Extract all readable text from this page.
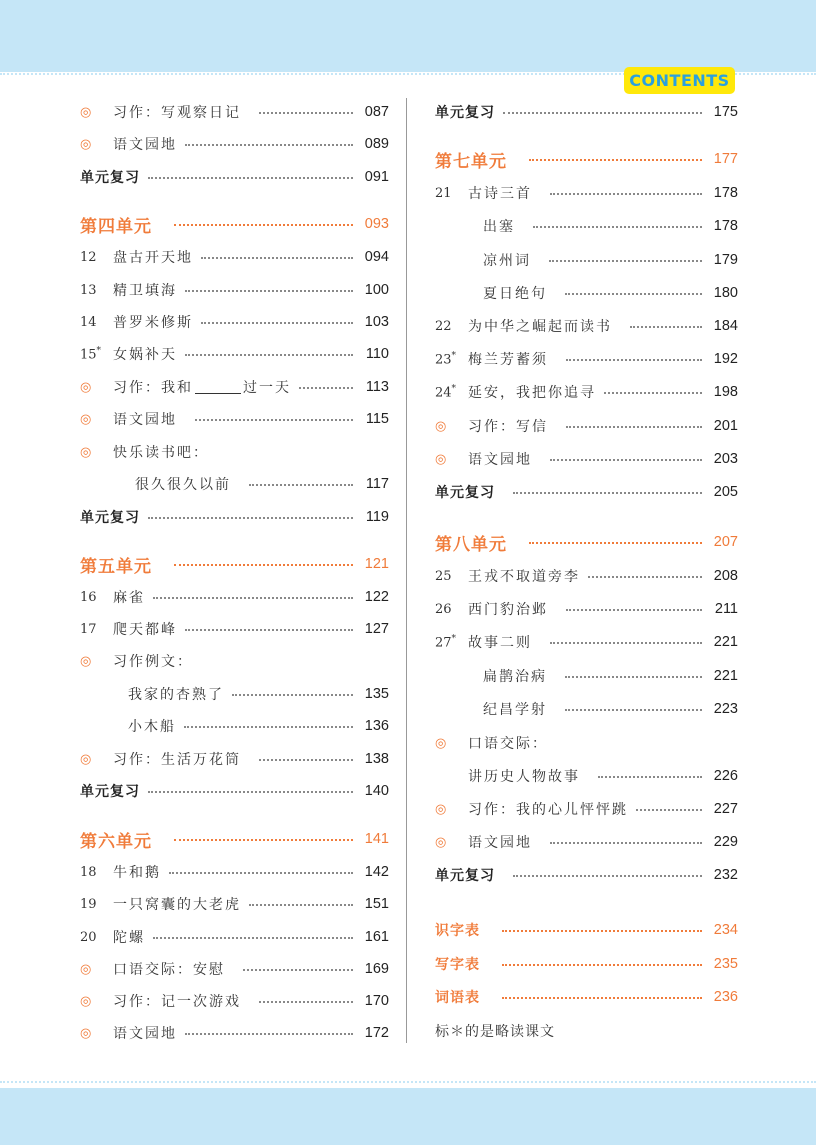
CONTENTS
◎	习作：写观察日记	087
◎	语文园地	089
单元复习	091
第四单元	093
12	盘古开天地	094
13	精卫填海	100
14	普罗米修斯	103
15* 女娲补天	110
◎	习作：我和	过一天	113
◎	语文园地	115
◎	快乐读书吧：
很久很久以前	117
单元复习	119
第五单元	121
16	麻雀	122
17	爬天都峰	127
◎	习作例文：
我家的杏熟了	135
小木船	136
◎	习作：生活万花筒	138
单元复习	140
第六单元	141
18	牛和鹅	142
19	一只窝囊的大老虎	151
20	陀螺	161
◎	口语交际：安慰	169
◎	习作：记一次游戏	170
◎	语文园地	172
单元复习	175
第七单元	177
21	古诗三首	178
出塞	178
凉州词	179
夏日绝句	180
22	为中华之崛起而读书	184
23* 梅兰芳蓄须	192
24* 延安，我把你追寻	198
◎	习作：写信	201
◎	语文园地	203
单元复习	205
第八单元	207
25	王戎不取道旁李	208
26	西门豹治邺	211
27* 故事二则	221
扁鹊治病	221
纪昌学射	223
◎	口语交际：
讲历史人物故事	226
◎	习作：我的心儿怦怦跳	227
◎	语文园地	229
单元复习	232
识字表	234
写字表	235
词语表	236
标＊的是略读课文
